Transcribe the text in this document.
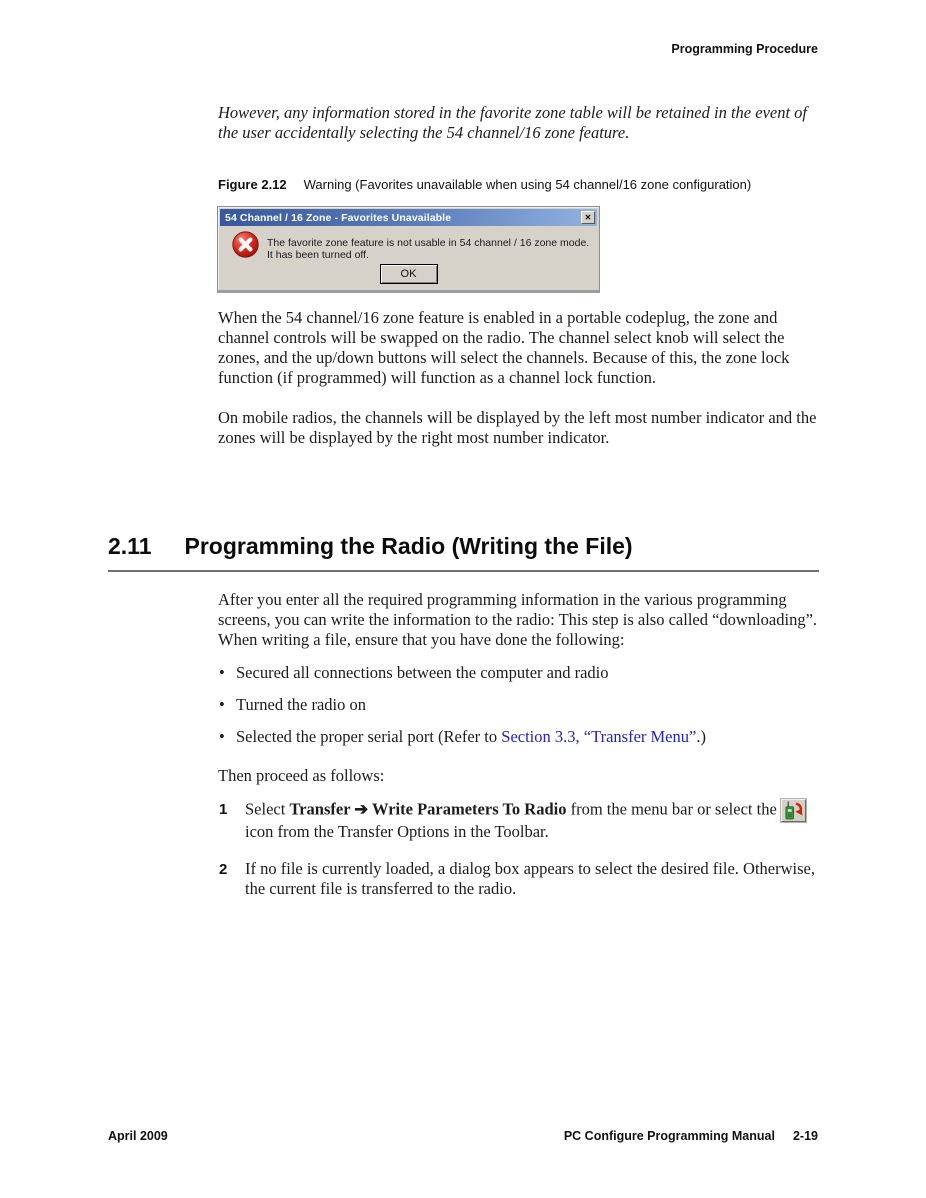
Programming Procedure
However, any information stored in the favorite zone table will be retained in the event of the user accidentally selecting the 54 channel/16 zone feature.
Figure 2.12 Warning (Favorites unavailable when using 54 channel/16 zone configuration)
54 Channel / 16 Zone - Favorites Unavailable	✕
The favorite zone feature is not usable in 54 channel / 16 zone mode.  It has been turned off.
OK
When the 54 channel/16 zone feature is enabled in a portable codeplug, the zone and channel controls will be swapped on the radio. The channel select knob will select the zones, and the up/down buttons will select the channels. Because of this, the zone lock function (if programmed) will function as a channel lock function.
On mobile radios, the channels will be displayed by the left most number indicator and the zones will be displayed by the right most number indicator.
2.11 Programming the Radio (Writing the File)
After you enter all the required programming information in the various programming screens, you can write the information to the radio: This step is also called “downloading”. When writing a file, ensure that you have done the following:
• Secured all connections between the computer and radio
• Turned the radio on
• Selected the proper serial port (Refer to Section 3.3, “Transfer Menu”.)
Then proceed as follows:
1 Select Transfer ➔ Write Parameters To Radio from the menu bar or select the
icon from the Transfer Options in the Toolbar.
2 If no file is currently loaded, a dialog box appears to select the desired file. Otherwise, the current file is transferred to the radio.
April 2009	PC Configure Programming Manual 2-19
